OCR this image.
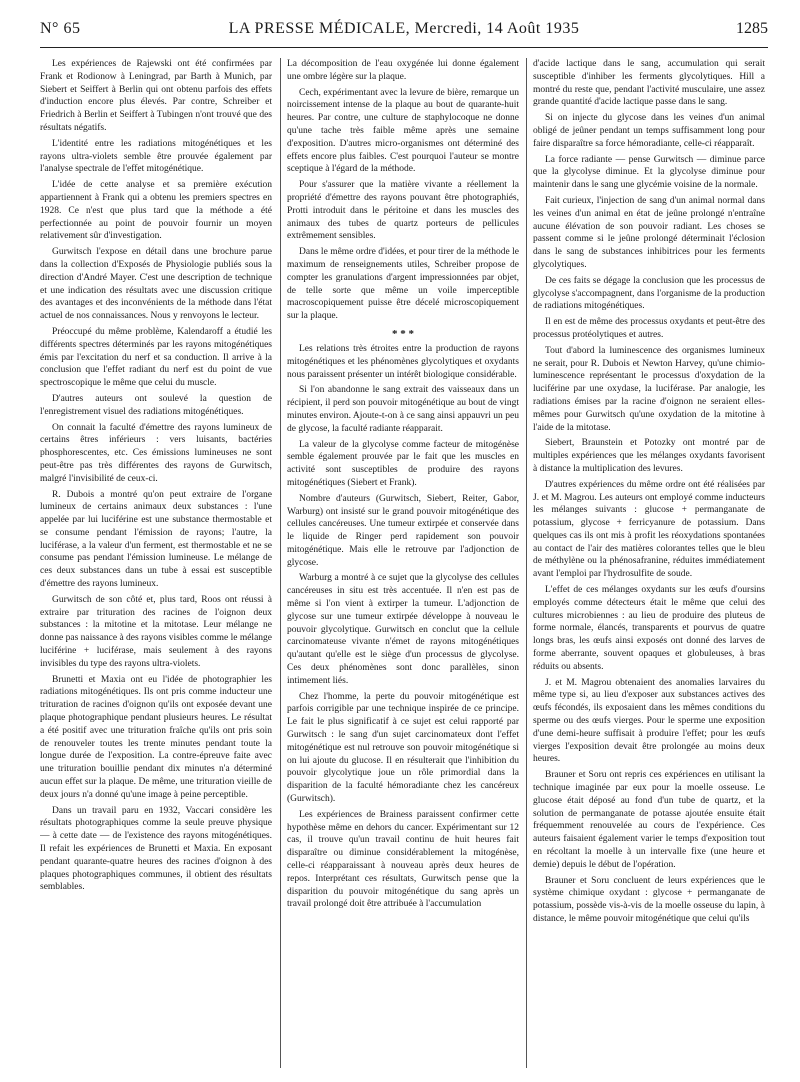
N° 65	LA PRESSE MÉDICALE, Mercredi, 14 Août 1935	1285

Les expériences de Rajewski ont été confirmées par Frank et Rodionow à Leningrad, par Barth à Munich, par Siebert et Seiffert à Berlin qui ont obtenu parfois des effets d'induction encore plus élevés. Par contre, Schreiber et Friedrich à Berlin et Seiffert à Tubingen n'ont trouvé que des résultats négatifs.

L'identité entre les radiations mitogénétiques et les rayons ultra-violets semble être prouvée également par l'analyse spectrale de l'effet mitogénétique.

L'idée de cette analyse et sa première exécution appartiennent à Frank qui a obtenu les premiers spectres en 1928. Ce n'est que plus tard que la méthode a été perfectionnée au point de pouvoir fournir un moyen relativement sûr d'investigation.

Gurwitsch l'expose en détail dans une brochure parue dans la collection d'Exposés de Physiologie publiés sous la direction d'André Mayer. C'est une description de technique et une indication des résultats avec une discussion critique des avantages et des inconvénients de la méthode dans l'état actuel de nos connaissances. Nous y renvoyons le lecteur.

Préoccupé du même problème, Kalendaroff a étudié les différents spectres déterminés par les rayons mitogénétiques émis par l'excitation du nerf et sa conduction. Il arrive à la conclusion que l'effet radiant du nerf est du point de vue spectroscopique le même que celui du muscle.

D'autres auteurs ont soulevé la question de l'enregistrement visuel des radiations mitogénétiques.

On connait la faculté d'émettre des rayons lumineux de certains êtres inférieurs : vers luisants, bactéries phosphorescentes, etc. Ces émissions lumineuses ne sont peut-être pas très différentes des rayons de Gurwitsch, malgré l'invisibilité de ceux-ci.

R. Dubois a montré qu'on peut extraire de l'organe lumineux de certains animaux deux substances : l'une appelée par lui luciférine est une substance thermostable et se consume pendant l'émission de rayons; l'autre, la luciférase, a la valeur d'un ferment, est thermostable et ne se consume pas pendant l'émission lumineuse. Le mélange de ces deux substances dans un tube à essai est susceptible d'émettre des rayons lumineux.

Gurwitsch de son côté et, plus tard, Roos ont réussi à extraire par trituration des racines de l'oignon deux substances : la mitotine et la mitotase. Leur mélange ne donne pas naissance à des rayons visibles comme le mélange luciférine + luciférase, mais seulement à des rayons invisibles du type des rayons ultra-violets.

Brunetti et Maxia ont eu l'idée de photographier les radiations mitogénétiques. Ils ont pris comme inducteur une trituration de racines d'oignon qu'ils ont exposée devant une plaque photographique pendant plusieurs heures. Le résultat a été positif avec une trituration fraîche qu'ils ont pris soin de renouveler toutes les trente minutes pendant toute la longue durée de l'exposition. La contre-épreuve faite avec une trituration bouillie pendant dix minutes n'a déterminé aucun effet sur la plaque. De même, une trituration vieille de deux jours n'a donné qu'une image à peine perceptible.

Dans un travail paru en 1932, Vaccari considère les résultats photographiques comme la seule preuve physique — à cette date — de l'existence des rayons mitogénétiques. Il refait les expériences de Brunetti et Maxia. En exposant pendant quarante-quatre heures des racines d'oignon à des plaques photographiques communes, il obtient des résultats semblables.

La décomposition de l'eau oxygénée lui donne également une ombre légère sur la plaque.

Cech, expérimentant avec la levure de bière, remarque un noircissement intense de la plaque au bout de quarante-huit heures. Par contre, une culture de staphylocoque ne donne qu'une tache très faible même après une semaine d'exposition. D'autres micro-organismes ont déterminé des effets encore plus faibles. C'est pourquoi l'auteur se montre sceptique à l'égard de la méthode.

Pour s'assurer que la matière vivante a réellement la propriété d'émettre des rayons pouvant être photographiés, Protti introduit dans le péritoine et dans les muscles des animaux des tubes de quartz porteurs de pellicules extrêmement sensibles.

Dans le même ordre d'idées, et pour tirer de la méthode le maximum de renseignements utiles, Schreiber propose de compter les granulations d'argent impressionnées par objet, de telle sorte que même un voile imperceptible macroscopiquement puisse être décelé microscopiquement sur la plaque.

* * *

Les relations très étroites entre la production de rayons mitogénétiques et les phénomènes glycolytiques et oxydants nous paraissent présenter un intérêt biologique considérable.

Si l'on abandonne le sang extrait des vaisseaux dans un récipient, il perd son pouvoir mitogénétique au bout de vingt minutes environ. Ajoute-t-on à ce sang ainsi appauvri un peu de glycose, la faculté radiante réapparait.

La valeur de la glycolyse comme facteur de mitogénèse semble également prouvée par le fait que les muscles en activité sont susceptibles de produire des rayons mitogénétiques (Siebert et Frank).

Nombre d'auteurs (Gurwitsch, Siebert, Reiter, Gabor, Warburg) ont insisté sur le grand pouvoir mitogénétique des cellules cancéreuses. Une tumeur extirpée et conservée dans le liquide de Ringer perd rapidement son pouvoir mitogénétique. Mais elle le retrouve par l'adjonction de glycose.

Warburg a montré à ce sujet que la glycolyse des cellules cancéreuses in situ est très accentuée. Il n'en est pas de même si l'on vient à extirper la tumeur. L'adjonction de glycose sur une tumeur extirpée développe à nouveau le pouvoir glycolytique. Gurwitsch en conclut que la cellule carcinomateuse vivante n'émet de rayons mitogénétiques qu'autant qu'elle est le siège d'un processus de glycolyse. Ces deux phénomènes sont donc parallèles, sinon intimement liés.

Chez l'homme, la perte du pouvoir mitogénétique est parfois corrigible par une technique inspirée de ce principe. Le fait le plus significatif à ce sujet est celui rapporté par Gurwitsch : le sang d'un sujet carcinomateux dont l'effet mitogénétique est nul retrouve son pouvoir mitogénétique si on lui ajoute du glucose. Il en résulterait que l'inhibition du pouvoir glycolytique joue un rôle primordial dans la disparition de la faculté hémoradiante chez les cancéreux (Gurwitsch).

Les expériences de Brainess paraissent confirmer cette hypothèse même en dehors du cancer. Expérimentant sur 12 cas, il trouve qu'un travail continu de huit heures fait disparaître ou diminue considérablement la mitogénèse, celle-ci réapparaissant à nouveau après deux heures de repos. Interprétant ces résultats, Gurwitsch pense que la disparition du pouvoir mitogénétique du sang après un travail prolongé doit être attribuée à l'accumulation

d'acide lactique dans le sang, accumulation qui serait susceptible d'inhiber les ferments glycolytiques. Hill a montré du reste que, pendant l'activité musculaire, une assez grande quantité d'acide lactique passe dans le sang.

Si on injecte du glycose dans les veines d'un animal obligé de jeûner pendant un temps suffisamment long pour faire disparaître sa force hémoradiante, celle-ci réapparaît.

La force radiante — pense Gurwitsch — diminue parce que la glycolyse diminue. Et la glycolyse diminue pour maintenir dans le sang une glycémie voisine de la normale.

Fait curieux, l'injection de sang d'un animal normal dans les veines d'un animal en état de jeûne prolongé n'entraîne aucune élévation de son pouvoir radiant. Les choses se passent comme si le jeûne prolongé déterminait l'éclosion dans le sang de substances inhibitrices pour les ferments glycolytiques.

De ces faits se dégage la conclusion que les processus de glycolyse s'accompagnent, dans l'organisme de la production de radiations mitogénétiques.

Il en est de même des processus oxydants et peut-être des processus protéolytiques et autres.

Tout d'abord la luminescence des organismes lumineux ne serait, pour R. Dubois et Newton Harvey, qu'une chimio-luminescence représentant le processus d'oxydation de la luciférine par une oxydase, la luciférase. Par analogie, les radiations émises par la racine d'oignon ne seraient elles-mêmes pour Gurwitsch qu'une oxydation de la mitotine à l'aide de la mitotase.

Siebert, Braunstein et Potozky ont montré par de multiples expériences que les mélanges oxydants favorisent à distance la multiplication des levures.

D'autres expériences du même ordre ont été réalisées par J. et M. Magrou. Les auteurs ont employé comme inducteurs les mélanges suivants : glucose + permanganate de potassium, glycose + ferricyanure de potassium. Dans quelques cas ils ont mis à profit les réoxydations spontanées au contact de l'air des matières colorantes telles que le bleu de méthylène ou la phénosafranine, réduites immédiatement avant l'emploi par l'hydrosulfite de soude.

L'effet de ces mélanges oxydants sur les œufs d'oursins employés comme détecteurs était le même que celui des cultures microbiennes : au lieu de produire des pluteus de forme normale, élancés, transparents et pourvus de quatre longs bras, les œufs ainsi exposés ont donné des larves de forme aberrante, souvent opaques et globuleuses, à bras réduits ou absents.

J. et M. Magrou obtenaient des anomalies larvaires du même type si, au lieu d'exposer aux substances actives des œufs fécondés, ils exposaient dans les mêmes conditions du sperme ou des œufs vierges. Pour le sperme une exposition d'une demi-heure suffisait à produire l'effet; pour les œufs vierges l'exposition devait être prolongée au moins deux heures.

Brauner et Soru ont repris ces expériences en utilisant la technique imaginée par eux pour la moelle osseuse. Le glucose était déposé au fond d'un tube de quartz, et la solution de permanganate de potasse ajoutée ensuite était fréquemment renouvelée au cours de l'expérience. Ces auteurs faisaient également varier le temps d'exposition tout en récoltant la moelle à un intervalle fixe (une heure et demie) depuis le début de l'opération.

Brauner et Soru concluent de leurs expériences que le système chimique oxydant : glycose + permanganate de potassium, possède vis-à-vis de la moelle osseuse du lapin, à distance, le même pouvoir mitogénétique que celui qu'ils
